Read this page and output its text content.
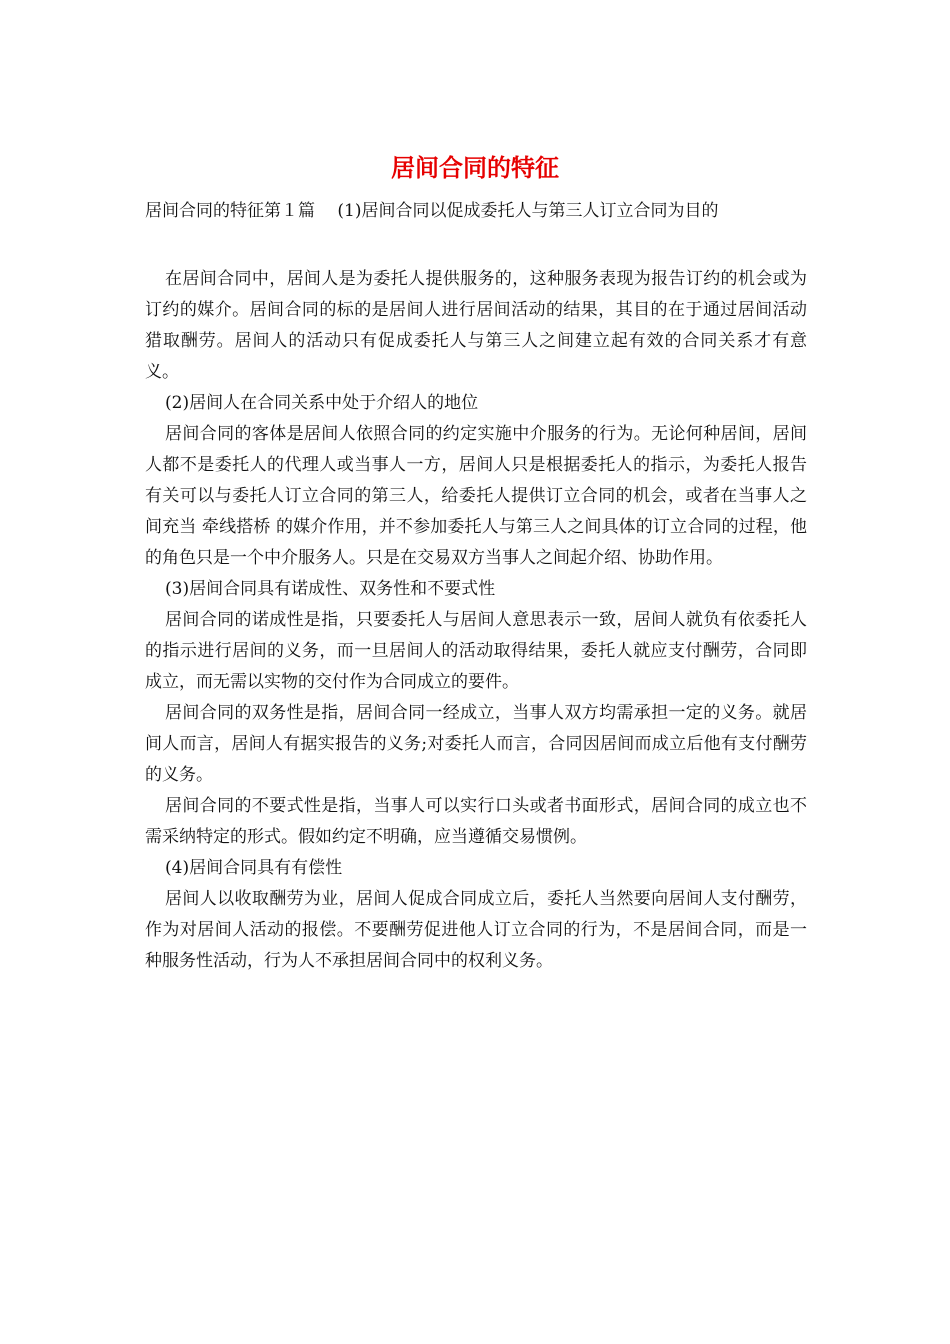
居间合同的特征

居间合同的特征第１篇 　(1)居间合同以促成委托人与第三人订立合同为目的

在居间合同中，居间人是为委托人提供服务的，这种服务表现为报告订约的机会或为订约的媒介。居间合同的标的是居间人进行居间活动的结果，其目的在于通过居间活动猎取酬劳。居间人的活动只有促成委托人与第三人之间建立起有效的合同关系才有意义。

(2)居间人在合同关系中处于介绍人的地位

居间合同的客体是居间人依照合同的约定实施中介服务的行为。无论何种居间，居间人都不是委托人的代理人或当事人一方，居间人只是根据委托人的指示，为委托人报告有关可以与委托人订立合同的第三人，给委托人提供订立合同的机会，或者在当事人之间充当 牵线搭桥 的媒介作用，并不参加委托人与第三人之间具体的订立合同的过程，他的角色只是一个中介服务人。只是在交易双方当事人之间起介绍、协助作用。

(3)居间合同具有诺成性、双务性和不要式性

居间合同的诺成性是指，只要委托人与居间人意思表示一致，居间人就负有依委托人的指示进行居间的义务，而一旦居间人的活动取得结果，委托人就应支付酬劳，合同即成立，而无需以实物的交付作为合同成立的要件。

居间合同的双务性是指，居间合同一经成立，当事人双方均需承担一定的义务。就居间人而言，居间人有据实报告的义务;对委托人而言，合同因居间而成立后他有支付酬劳的义务。

居间合同的不要式性是指，当事人可以实行口头或者书面形式，居间合同的成立也不需采纳特定的形式。假如约定不明确，应当遵循交易惯例。

(4)居间合同具有有偿性

居间人以收取酬劳为业，居间人促成合同成立后，委托人当然要向居间人支付酬劳，作为对居间人活动的报偿。不要酬劳促进他人订立合同的行为，不是居间合同，而是一种服务性活动，行为人不承担居间合同中的权利义务。
